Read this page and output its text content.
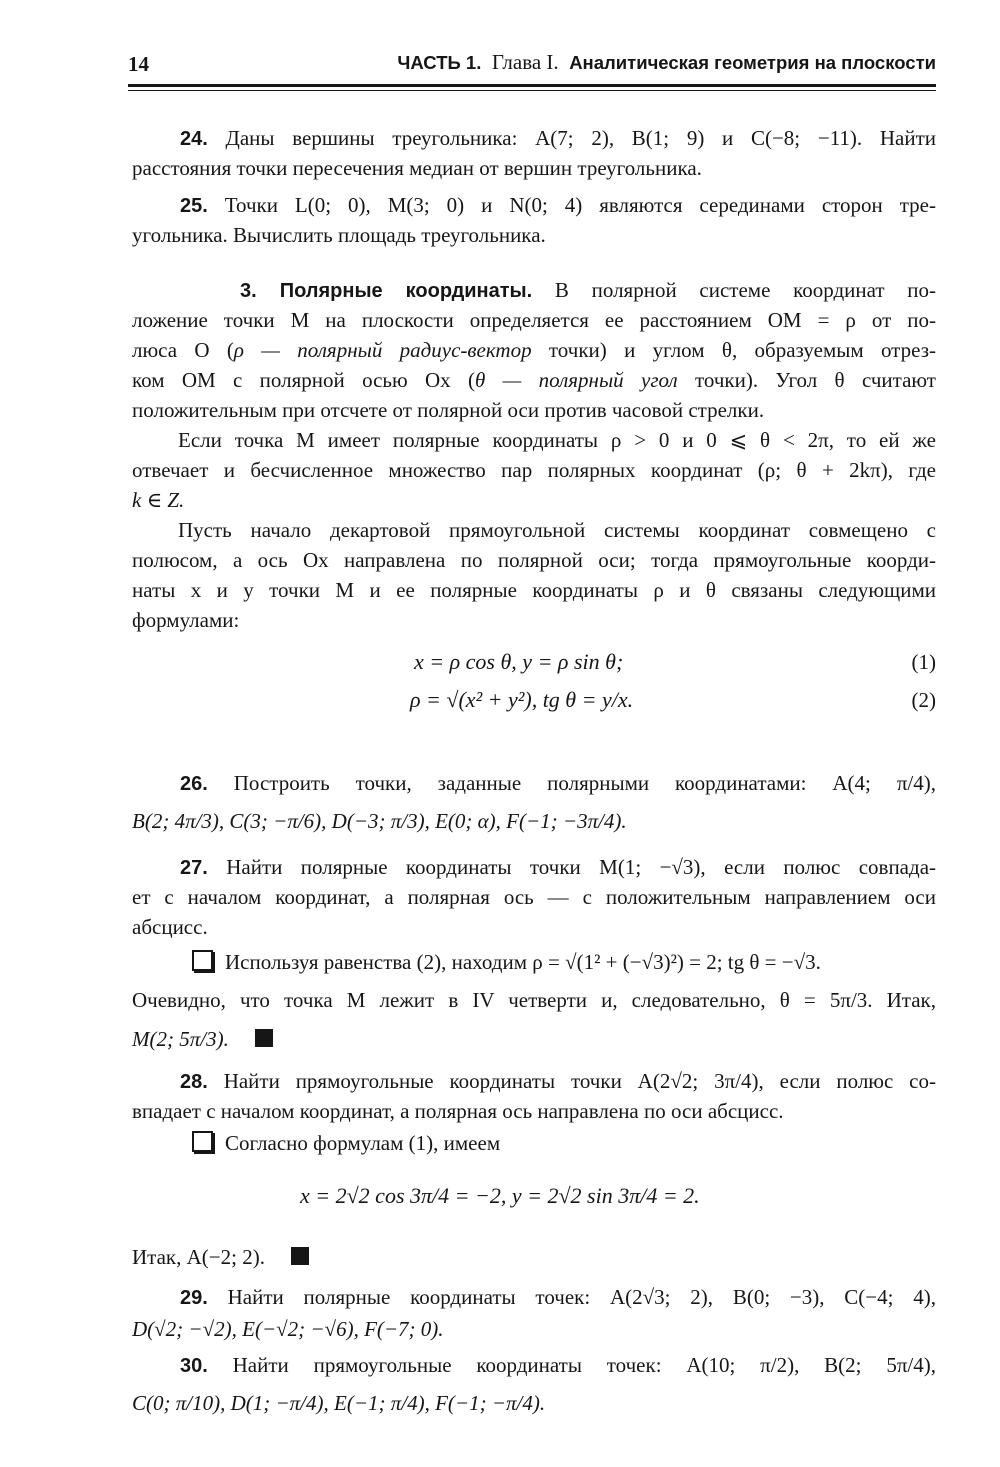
14	ЧАСТЬ 1. Глава I. Аналитическая геометрия на плоскости
24. Даны вершины треугольника: A(7; 2), B(1; 9) и C(−8; −11). Найти
расстояния точки пересечения медиан от вершин треугольника.
25. Точки L(0; 0), M(3; 0) и N(0; 4) являются серединами сторон тре-
угольника. Вычислить площадь треугольника.
3. Полярные координаты. В полярной системе координат по-
ложение точки M на плоскости определяется ее расстоянием OM = ρ от по-
люса O (ρ — полярный радиус-вектор точки) и углом θ, образуемым отрез-
ком OM с полярной осью Ox (θ — полярный угол точки). Угол θ считают
положительным при отсчете от полярной оси против часовой стрелки.
Если точка M имеет полярные координаты ρ > 0 и 0 ⩽ θ < 2π, то ей же
отвечает и бесчисленное множество пар полярных координат (ρ; θ + 2kπ), где
k ∈ Z.
Пусть начало декартовой прямоугольной системы координат совмещено с
полюсом, а ось Ox направлена по полярной оси; тогда прямоугольные коорди-
наты x и y точки M и ее полярные координаты ρ и θ связаны следующими
формулами:
x = ρ cos θ, y = ρ sin θ;	(1)
ρ = √(x² + y²), tg θ = y/x.	(2)
26. Построить точки, заданные полярными координатами: A(4; π/4),
B(2; 4π/3), C(3; −π/6), D(−3; π/3), E(0; α), F(−1; −3π/4).
27. Найти полярные координаты точки M(1; −√3), если полюс совпада-
ет с началом координат, а полярная ось — с положительным направлением оси
абсцисс.
Используя равенства (2), находим ρ = √(1² + (−√3)²) = 2; tg θ = −√3.
Очевидно, что точка M лежит в IV четверти и, следовательно, θ = 5π/3. Итак,
M(2; 5π/3).
28. Найти прямоугольные координаты точки A(2√2; 3π/4), если полюс со-
впадает с началом координат, а полярная ось направлена по оси абсцисс.
Согласно формулам (1), имеем
x = 2√2 cos 3π/4 = −2, y = 2√2 sin 3π/4 = 2.
Итак, A(−2; 2).
29. Найти полярные координаты точек: A(2√3; 2), B(0; −3), C(−4; 4),
D(√2; −√2), E(−√2; −√6), F(−7; 0).
30. Найти прямоугольные координаты точек: A(10; π/2), B(2; 5π/4),
C(0; π/10), D(1; −π/4), E(−1; π/4), F(−1; −π/4).
